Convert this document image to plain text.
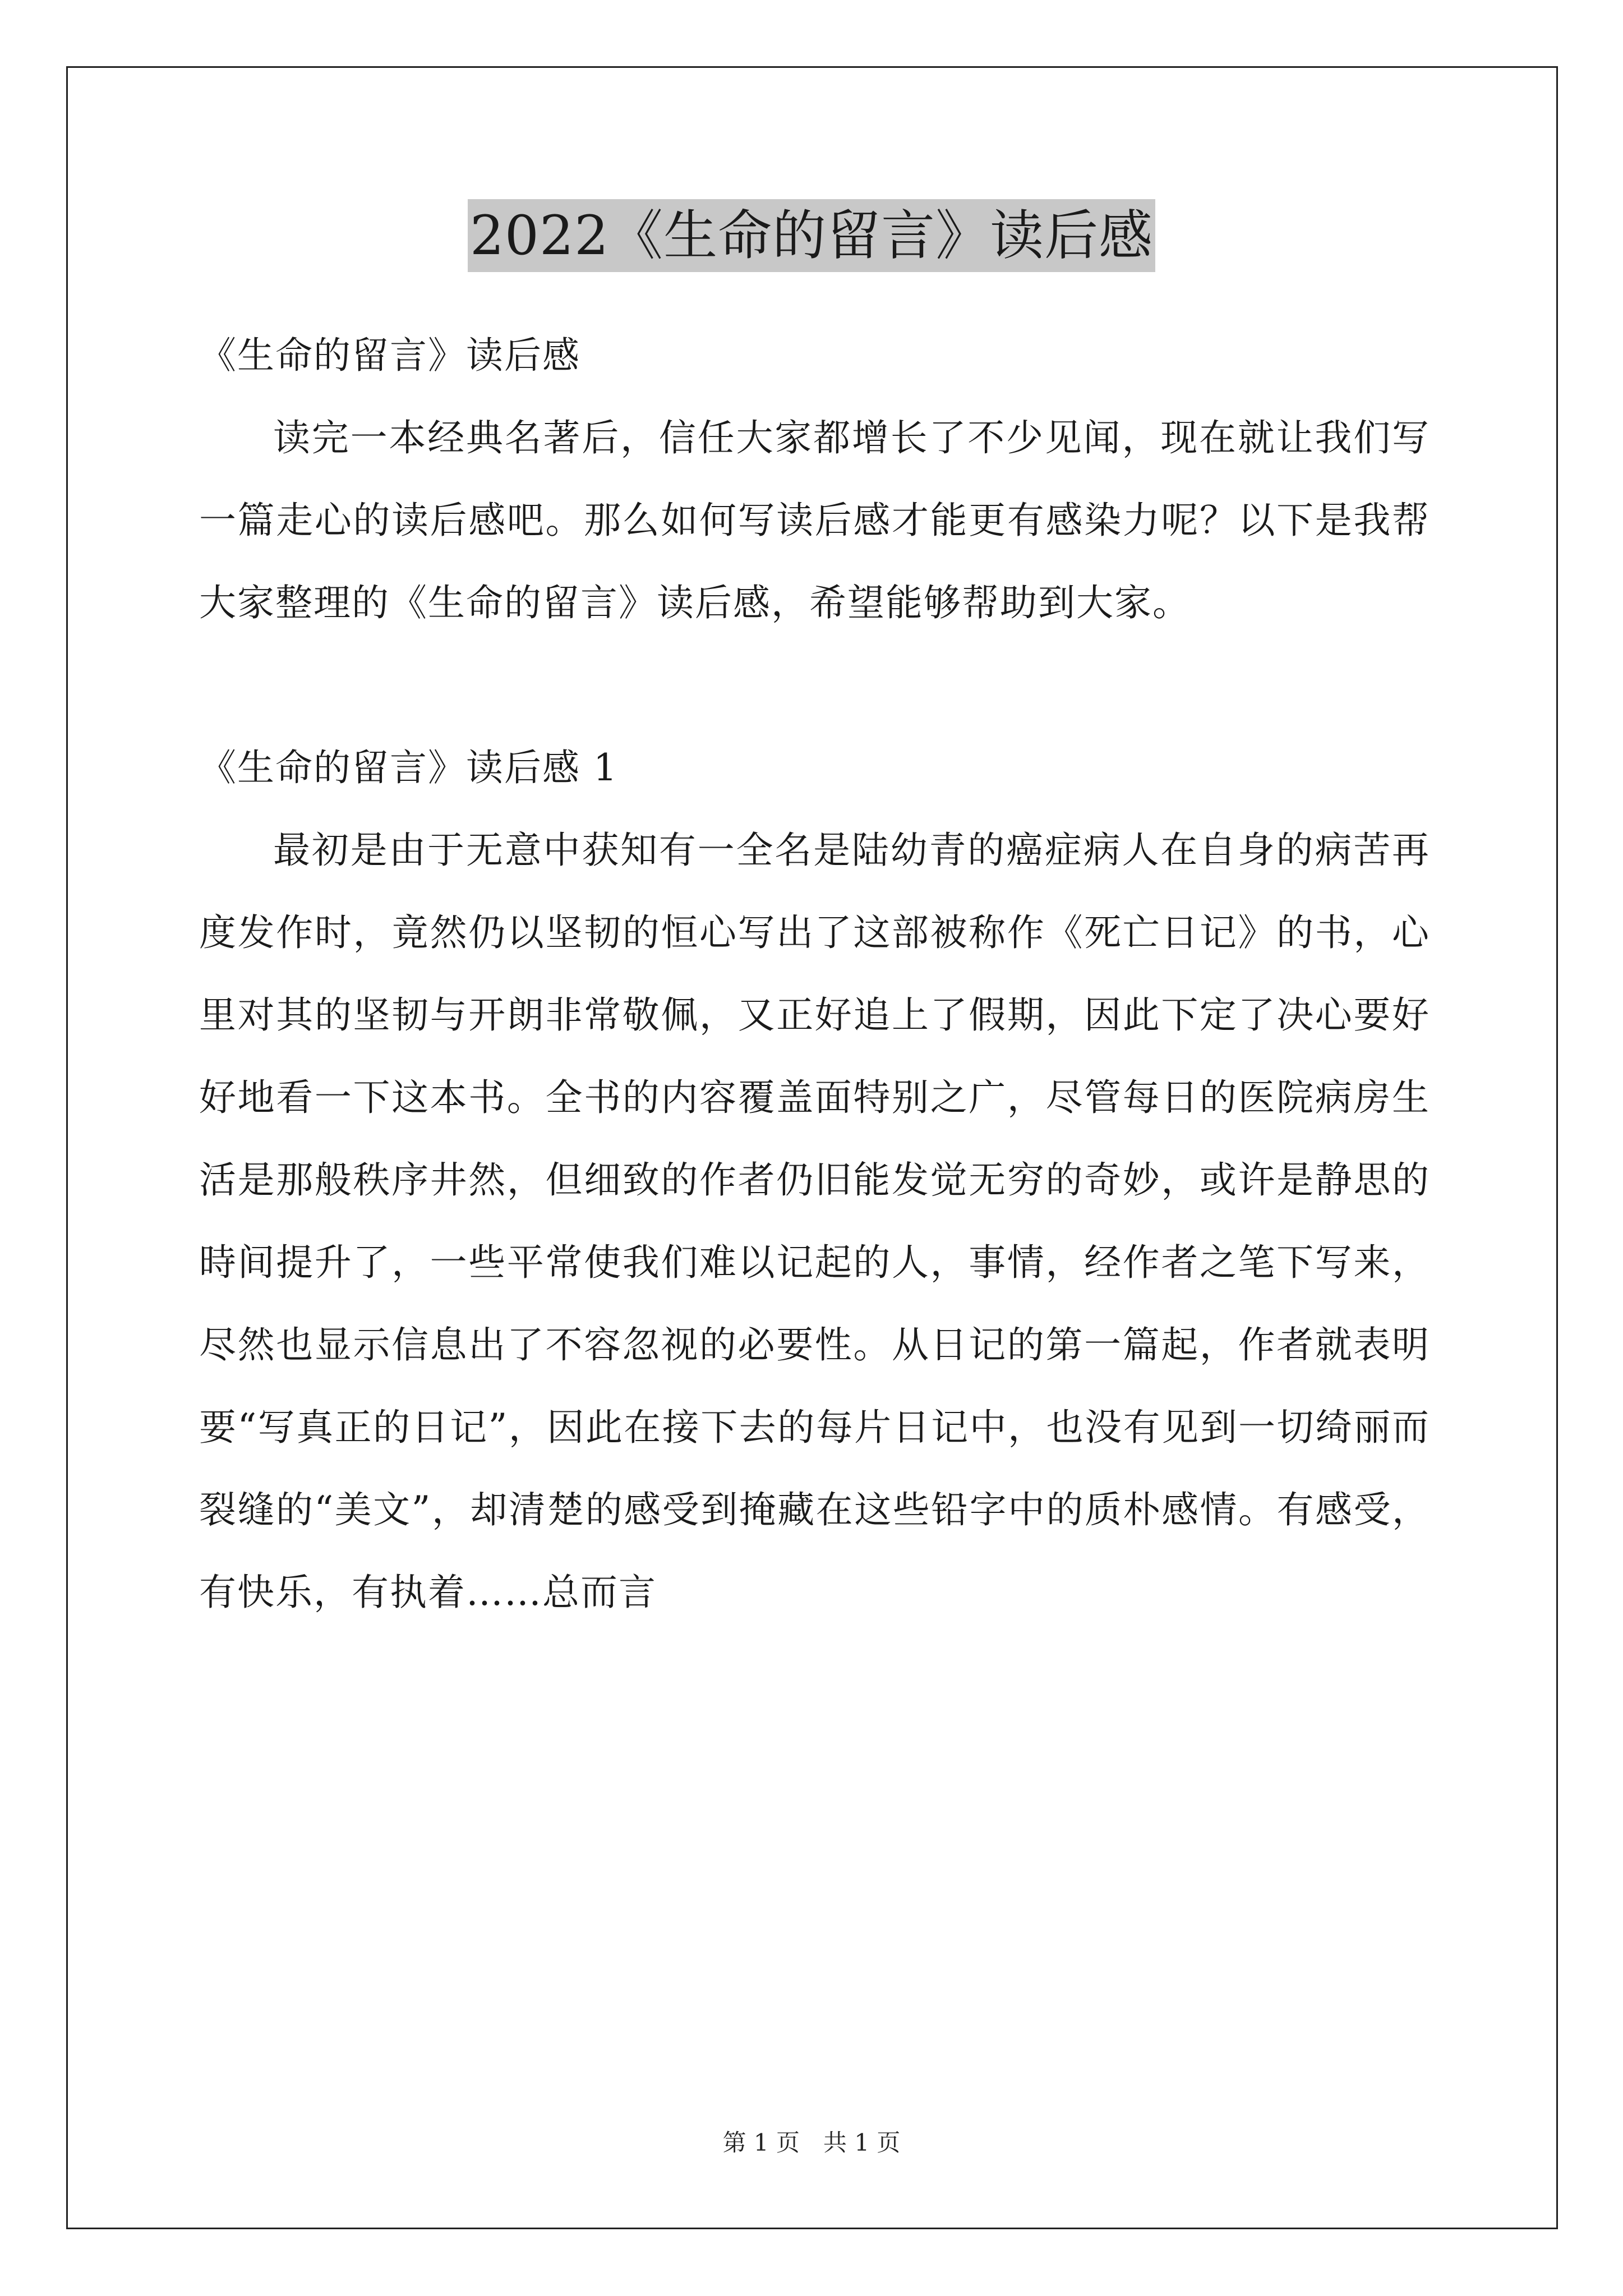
2022《生命的留言》读后感

《生命的留言》读后感

读完一本经典名著后，信任大家都增长了不少见闻，现在就让我们写一篇走心的读后感吧。那么如何写读后感才能更有感染力呢？以下是我帮大家整理的《生命的留言》读后感，希望能够帮助到大家。

《生命的留言》读后感 1

最初是由于无意中获知有一全名是陆幼青的癌症病人在自身的病苦再度发作时，竟然仍以坚韧的恒心写出了这部被称作《死亡日记》的书，心里对其的坚韧与开朗非常敬佩，又正好追上了假期，因此下定了决心要好好地看一下这本书。全书的内容覆盖面特别之广，尽管每日的医院病房生活是那般秩序井然，但细致的作者仍旧能发觉无穷的奇妙，或许是静思的時间提升了，一些平常使我们难以记起的人，事情，经作者之笔下写来，尽然也显示信息出了不容忽视的必要性。从日记的第一篇起，作者就表明要“写真正的日记”，因此在接下去的每片日记中，也没有见到一切绮丽而裂缝的“美文”，却清楚的感受到掩藏在这些铅字中的质朴感情。有感受，有快乐，有执着……总而言

第 1 页　共 1 页
